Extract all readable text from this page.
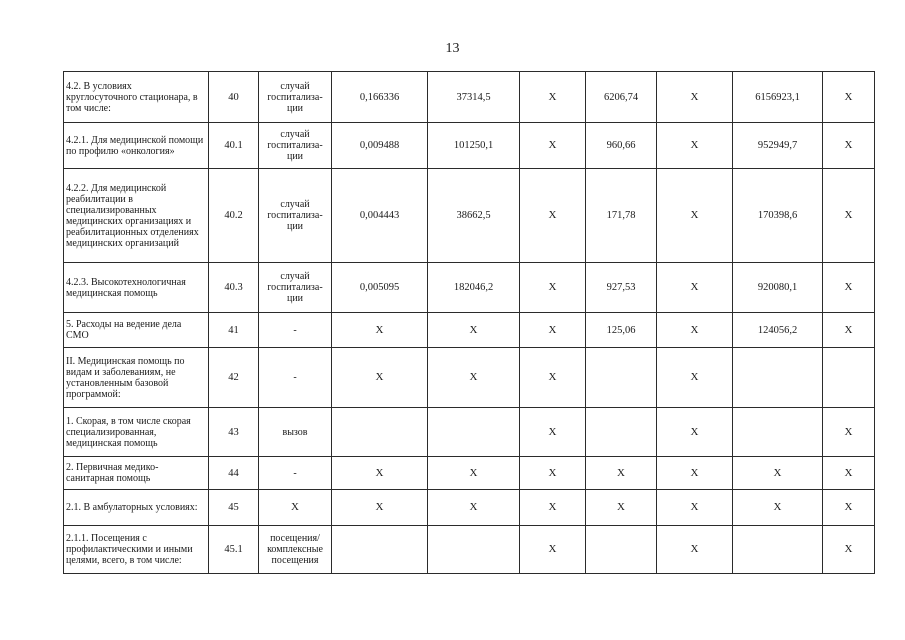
13
4.2. В условиях круглосуточного стационара, в том числе:	40	случай госпитализа-ции	0,166336	37314,5	X	6206,74	X	6156923,1	X
4.2.1. Для медицинской помощи по профилю «онкология»	40.1	случай госпитализа-ции	0,009488	101250,1	X	960,66	X	952949,7	X
4.2.2. Для медицинской реабилитации в специализированных медицинских организациях и реабилитационных отделениях медицинских организаций	40.2	случай госпитализа-ции	0,004443	38662,5	X	171,78	X	170398,6	X
4.2.3. Высокотехнологичная медицинская помощь	40.3	случай госпитализа-ции	0,005095	182046,2	X	927,53	X	920080,1	X
5. Расходы на ведение дела СМО	41	-	X	X	X	125,06	X	124056,2	X
II. Медицинская помощь по видам и заболеваниям, не установленным базовой программой:	42	-	X	X	X		X		
1. Скорая, в том числе скорая специализированная, медицинская помощь	43	вызов			X		X		X
2. Первичная медико-санитарная помощь	44	-	X	X	X	X	X	X	X
2.1. В амбулаторных условиях:	45	X	X	X	X	X	X	X	X
2.1.1. Посещения с профилактическими и иными целями, всего, в том числе:	45.1	посещения/ комплексные посещения			X		X		X
